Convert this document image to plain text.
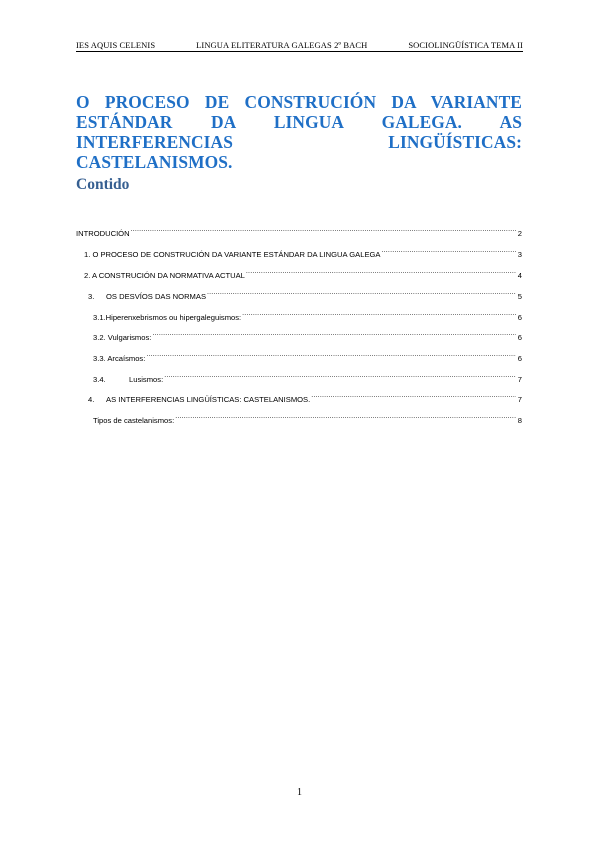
IES AQUIS CELENIS	LINGUA ELITERATURA GALEGAS 2º BACH	SOCIOLINGÜÍSTICA TEMA II
O PROCESO DE CONSTRUCIÓN DA VARIANTE ESTÁNDAR DA LINGUA GALEGA. AS INTERFERENCIAS LINGÜÍSTICAS: CASTELANISMOS.
Contido
INTRODUCIÓN .....	2
1. O PROCESO DE CONSTRUCIÓN DA VARIANTE ESTÁNDAR DA LINGUA GALEGA .....	3
2. A CONSTRUCIÓN DA NORMATIVA ACTUAL .....	4
3.	OS DESVÍOS DAS NORMAS .....	5
3.1.Hiperenxebrismos ou hipergaleguismos: .....	6
3.2. Vulgarismos: .....	6
3.3. Arcaísmos: .....	6
3.4.	Lusismos: .....	7
4.	AS INTERFERENCIAS LINGÜÍSTICAS: CASTELANISMOS. .....	7
Tipos de castelanismos: .....	8
1
